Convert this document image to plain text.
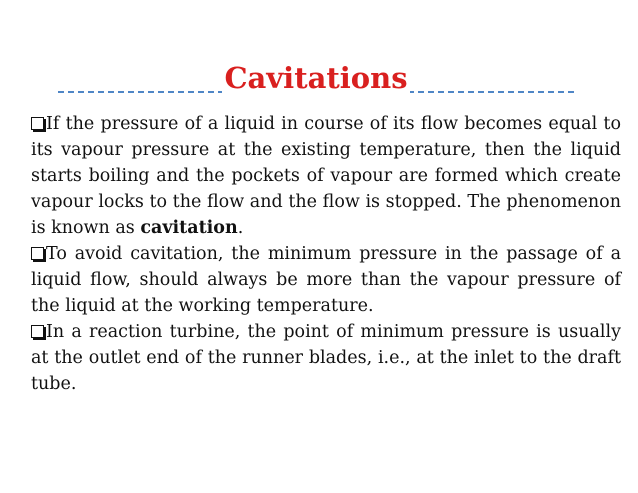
Cavitations

If the pressure of a liquid in course of its flow becomes equal to its vapour pressure at the existing temperature, then the liquid starts boiling and the pockets of vapour are formed which create vapour locks to the flow and the flow is stopped. The phenomenon is known as cavitation.

To avoid cavitation, the minimum pressure in the passage of a liquid flow, should always be more than the vapour pressure of the liquid at the working temperature.

In a reaction turbine, the point of minimum pressure is usually at the outlet end of the runner blades, i.e., at the inlet to the draft tube.
